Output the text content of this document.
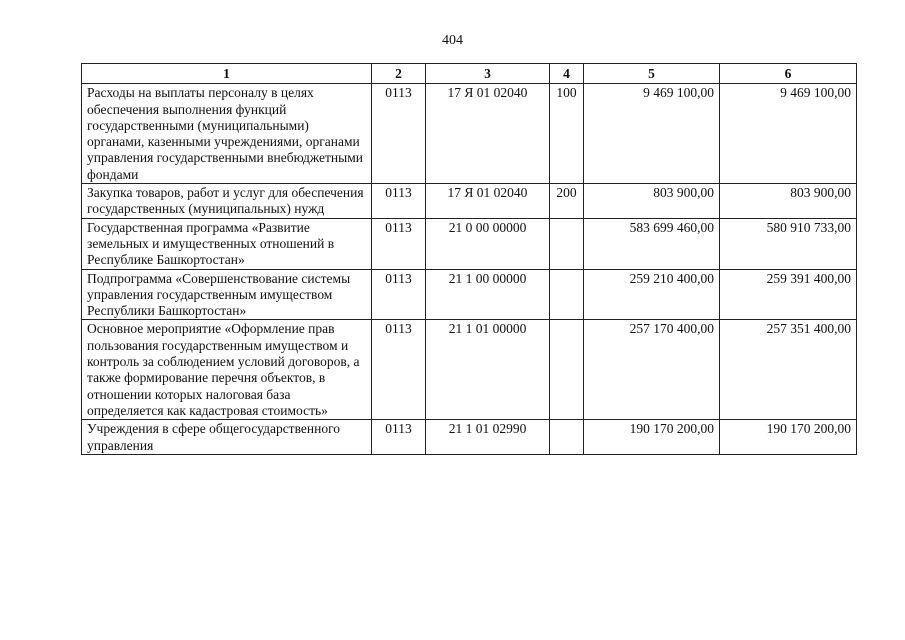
404
1	2	3	4	5	6
Расходы на выплаты персоналу в целях обеспечения выполнения функций государственными (муниципальными) органами, казенными учреждениями, органами управления государственными внебюджетными фондами	0113	17 Я 01 02040	100	9 469 100,00	9 469 100,00
Закупка товаров, работ и услуг для обеспечения государственных (муниципальных) нужд	0113	17 Я 01 02040	200	803 900,00	803 900,00
Государственная программа «Развитие земельных и имущественных отношений в Республике Башкортостан»	0113	21 0 00 00000		583 699 460,00	580 910 733,00
Подпрограмма «Совершенствование системы управления государственным имуществом Республики Башкортостан»	0113	21 1 00 00000		259 210 400,00	259 391 400,00
Основное мероприятие «Оформление прав пользования государственным имуществом и контроль за соблюдением условий договоров, а также формирование перечня объектов, в отношении которых налоговая база определяется как кадастровая стоимость»	0113	21 1 01 00000		257 170 400,00	257 351 400,00
Учреждения в сфере общегосударственного управления	0113	21 1 01 02990		190 170 200,00	190 170 200,00
